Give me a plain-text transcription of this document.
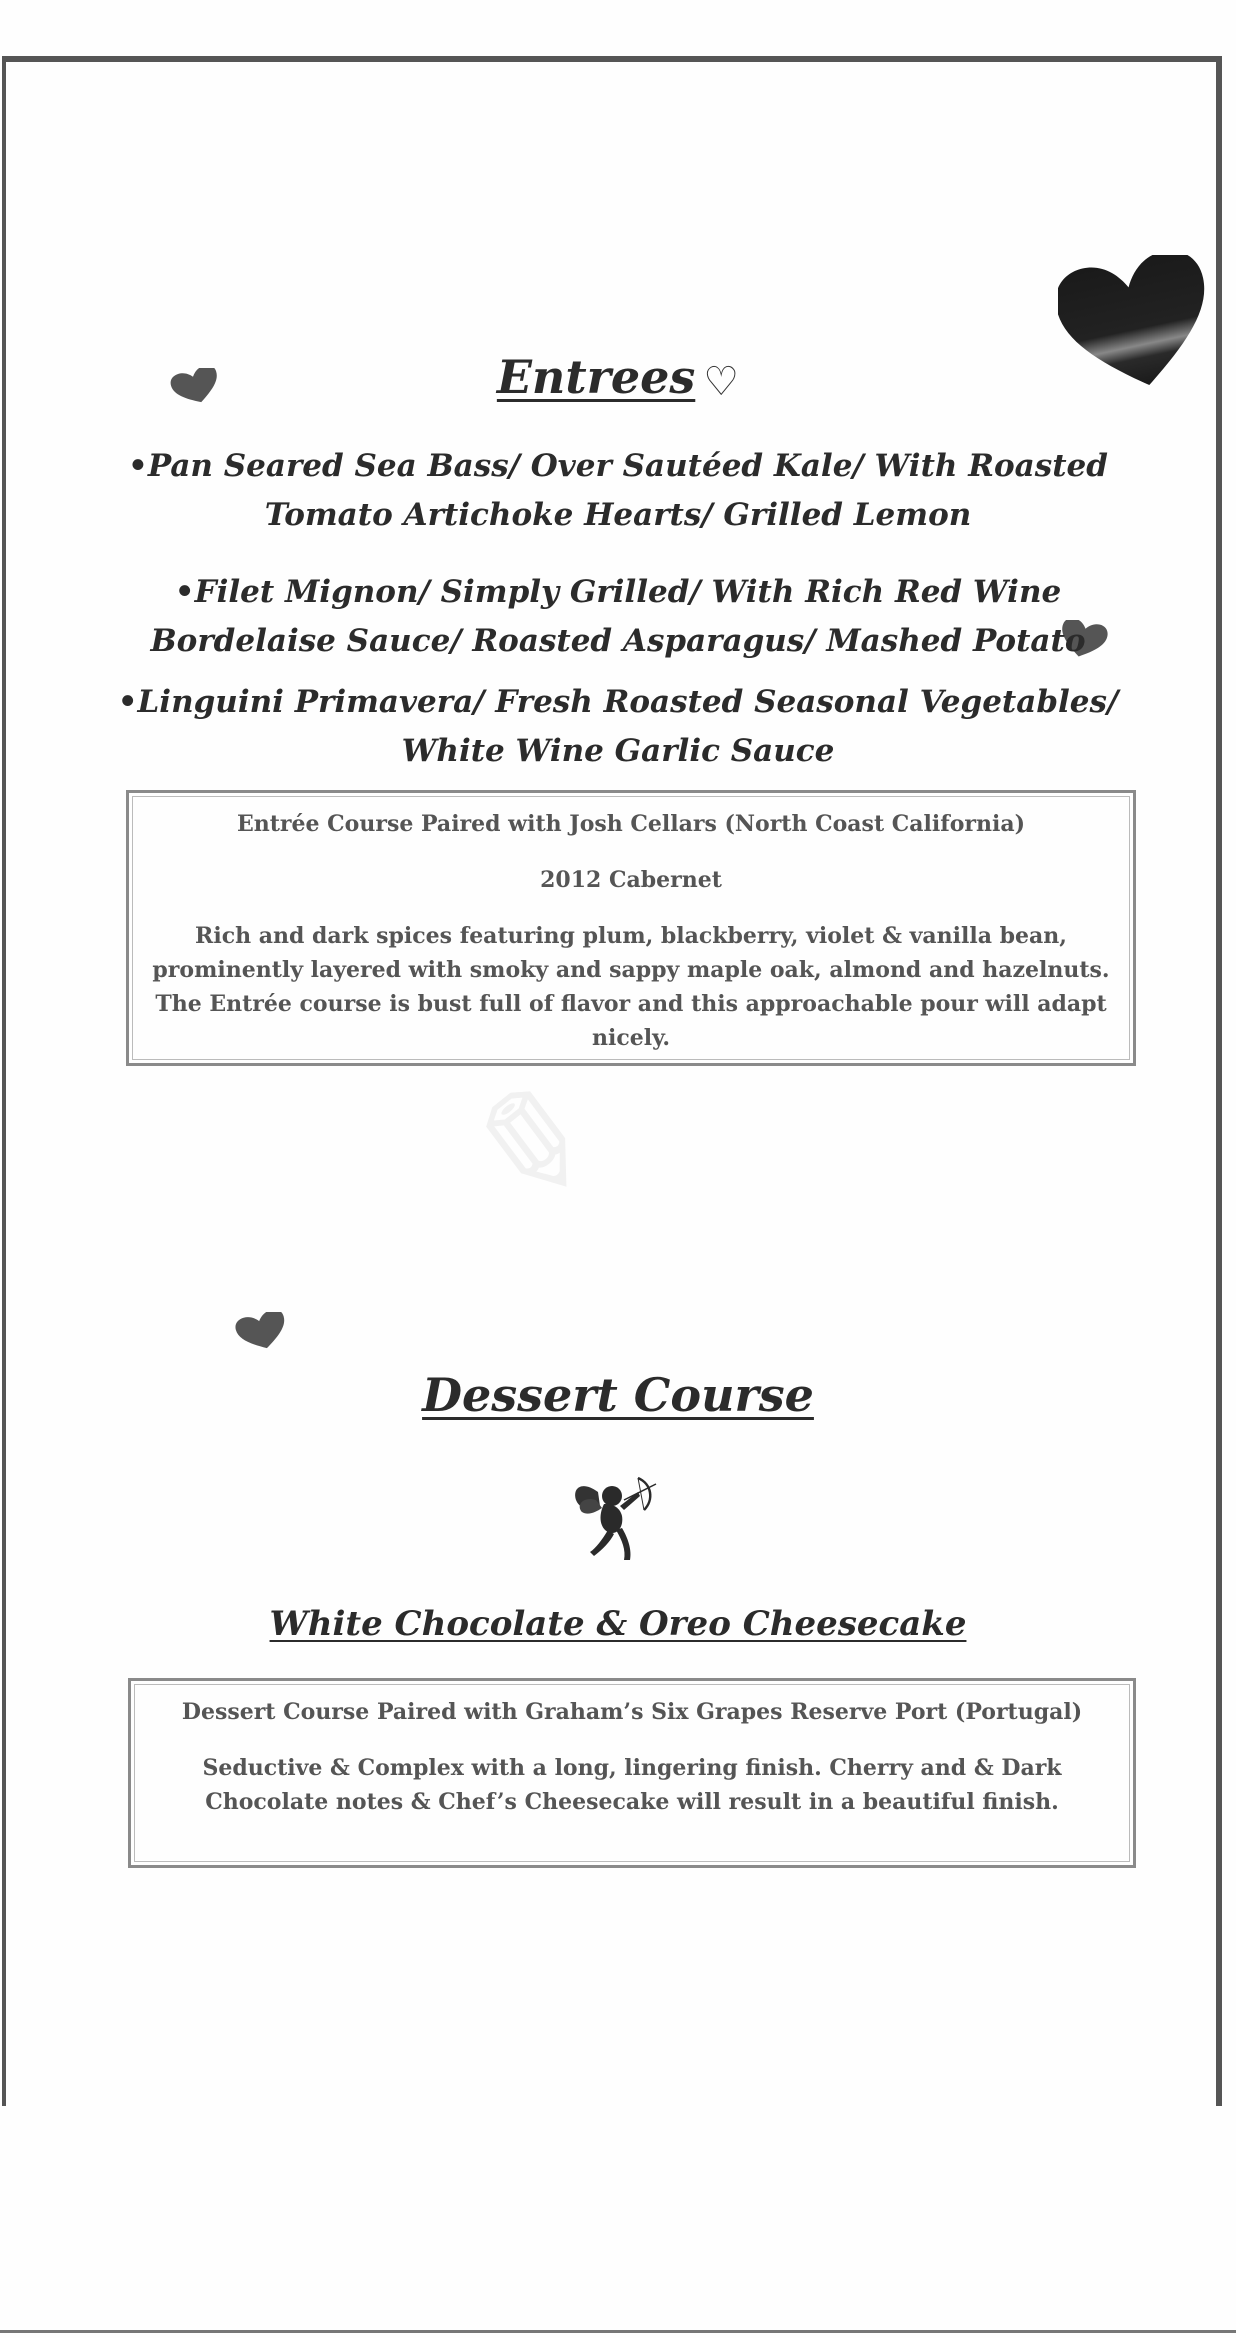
Entrees ♡
•Pan Seared Sea Bass/ Over Sautéed Kale/ With Roasted Tomato Artichoke Hearts/ Grilled Lemon
•Filet Mignon/ Simply Grilled/ With Rich Red Wine Bordelaise Sauce/ Roasted Asparagus/ Mashed Potato
•Linguini Primavera/ Fresh Roasted Seasonal Vegetables/ White Wine Garlic Sauce

Entrée Course Paired with Josh Cellars (North Coast California)

2012 Cabernet

Rich and dark spices featuring plum, blackberry, violet & vanilla bean, prominently layered with smoky and sappy maple oak, almond and hazelnuts. The Entrée course is bust full of flavor and this approachable pour will adapt nicely.

✎
Dessert Course
White Chocolate & Oreo Cheesecake

Dessert Course Paired with Graham’s Six Grapes Reserve Port (Portugal)

Seductive & Complex with a long, lingering finish. Cherry and & Dark Chocolate notes & Chef’s Cheesecake will result in a beautiful finish.
